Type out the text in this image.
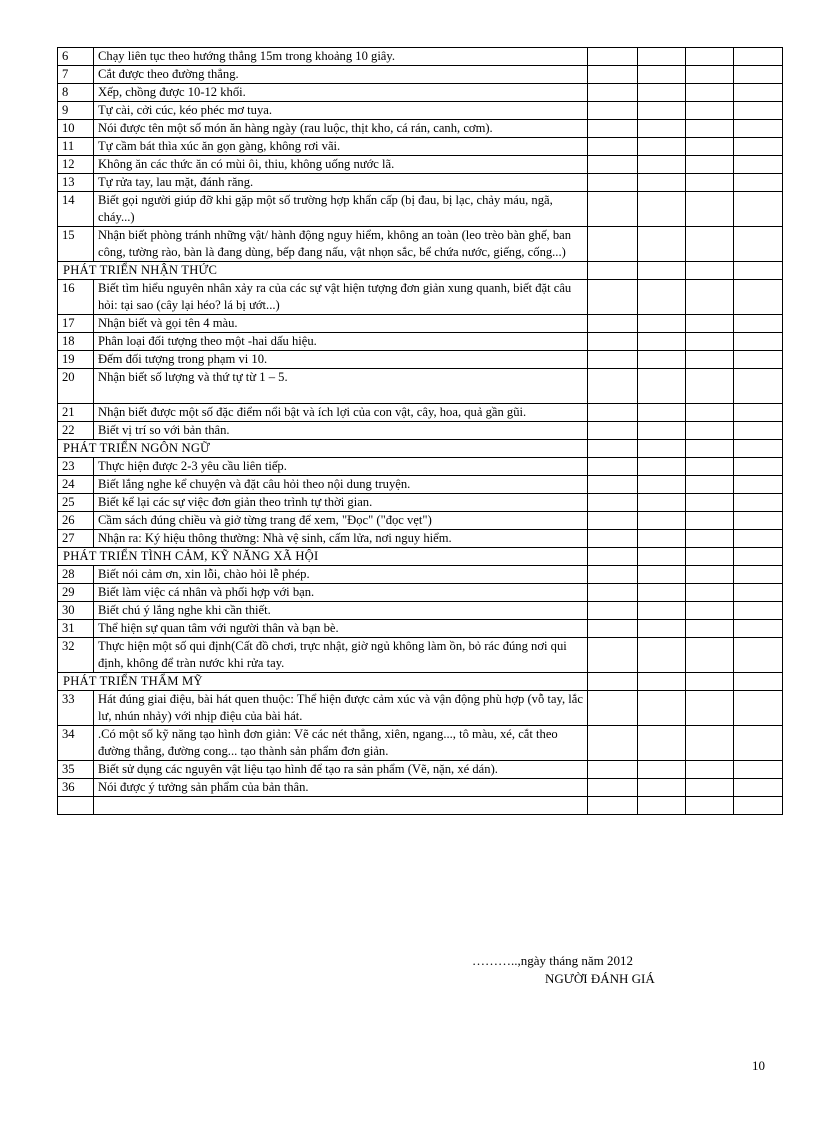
6	Chạy liên tục theo hướng thẳng 15m trong khoảng 10 giây.				
7	Cắt được theo đường thẳng.				
8	Xếp, chồng được 10-12 khối.				
9	Tự cài, cởi cúc, kéo phéc mơ tuya.				
10	Nói được tên một số món ăn hàng ngày (rau luộc, thịt kho, cá rán, canh, cơm).				
11	Tự cầm bát thìa xúc ăn gọn gàng, không rơi vãi.				
12	Không ăn các thức ăn có mùi ôi, thiu, không uống nước lã.				
13	Tự rửa tay, lau mặt, đánh răng.				
14	Biết gọi người giúp đỡ khi gặp một số trường hợp khẩn cấp (bị đau, bị lạc, chảy máu, ngã, cháy...)				
15	Nhận biết phòng tránh những vật/ hành động nguy hiểm, không an toàn (leo trèo bàn ghế, ban công, tường rào, bàn là đang dùng, bếp đang nấu, vật nhọn sắc, bể chứa nước, giếng, cống...)				
PHÁT TRIỂN NHẬN THỨC					
16	Biết tìm hiểu nguyên nhân xảy ra của các sự vật hiện tượng đơn giản xung quanh, biết đặt câu hỏi: tại sao (cây lại héo? lá bị ướt...)				
17	Nhận biết và gọi tên 4 màu.				
18	Phân loại đối tượng theo một -hai dấu hiệu.				
19	Đếm đối tượng trong phạm vi 10.				
20	Nhận biết số lượng và thứ tự từ 1 – 5.

21	Nhận biết được một số đặc điểm nổi bật và ích lợi của con vật, cây, hoa, quả gần gũi.				
22	Biết vị trí so với bản thân.				
PHÁT TRIỂN NGÔN NGỮ					
23	Thực hiện được 2-3 yêu cầu liên tiếp.				
24	Biết lắng nghe kể chuyện và đặt câu hỏi theo nội dung truyện.				
25	Biết kể lại các sự việc đơn giản theo trình tự thời gian.				
26	Cầm sách đúng chiều và giở từng trang để xem, "Đọc" ("đọc vẹt")				
27	Nhận ra: Ký hiệu thông thường: Nhà vệ sinh, cấm lửa, nơi nguy hiểm.				
PHÁT TRIỂN TÌNH CẢM, KỸ NĂNG XÃ HỘI					
28	Biết nói cảm ơn, xin lỗi, chào hỏi lễ phép.				
29	Biết làm việc cá nhân và phối hợp với bạn.				
30	Biết chú ý lắng nghe khi cần thiết.				
31	Thể hiện sự quan tâm với người thân và bạn bè.				
32	Thực hiện một số qui định(Cất đồ chơi, trực nhật, giờ ngủ không làm ồn, bỏ rác đúng nơi qui định, không để tràn nước khi rửa tay.				
PHÁT TRIỂN THẨM MỸ					
33	Hát đúng giai điệu, bài hát quen thuộc: Thể hiện được cảm xúc và vận động phù hợp (vỗ tay, lắc lư, nhún nhảy) với nhịp điệu của bài hát.				
34	.Có một số kỹ năng tạo hình đơn giản: Vẽ các nét thẳng, xiên, ngang..., tô màu, xé, cắt theo đường thẳng, đường cong... tạo thành sản phẩm đơn giản.				
35	Biết sử dụng các nguyên vật liệu tạo hình để tạo ra sản phẩm (Vẽ, nặn, xé dán).				
36	Nói được ý tưởng sản phẩm của bản thân.				

………..,ngày tháng năm 2012
NGƯỜI ĐÁNH GIÁ
10
